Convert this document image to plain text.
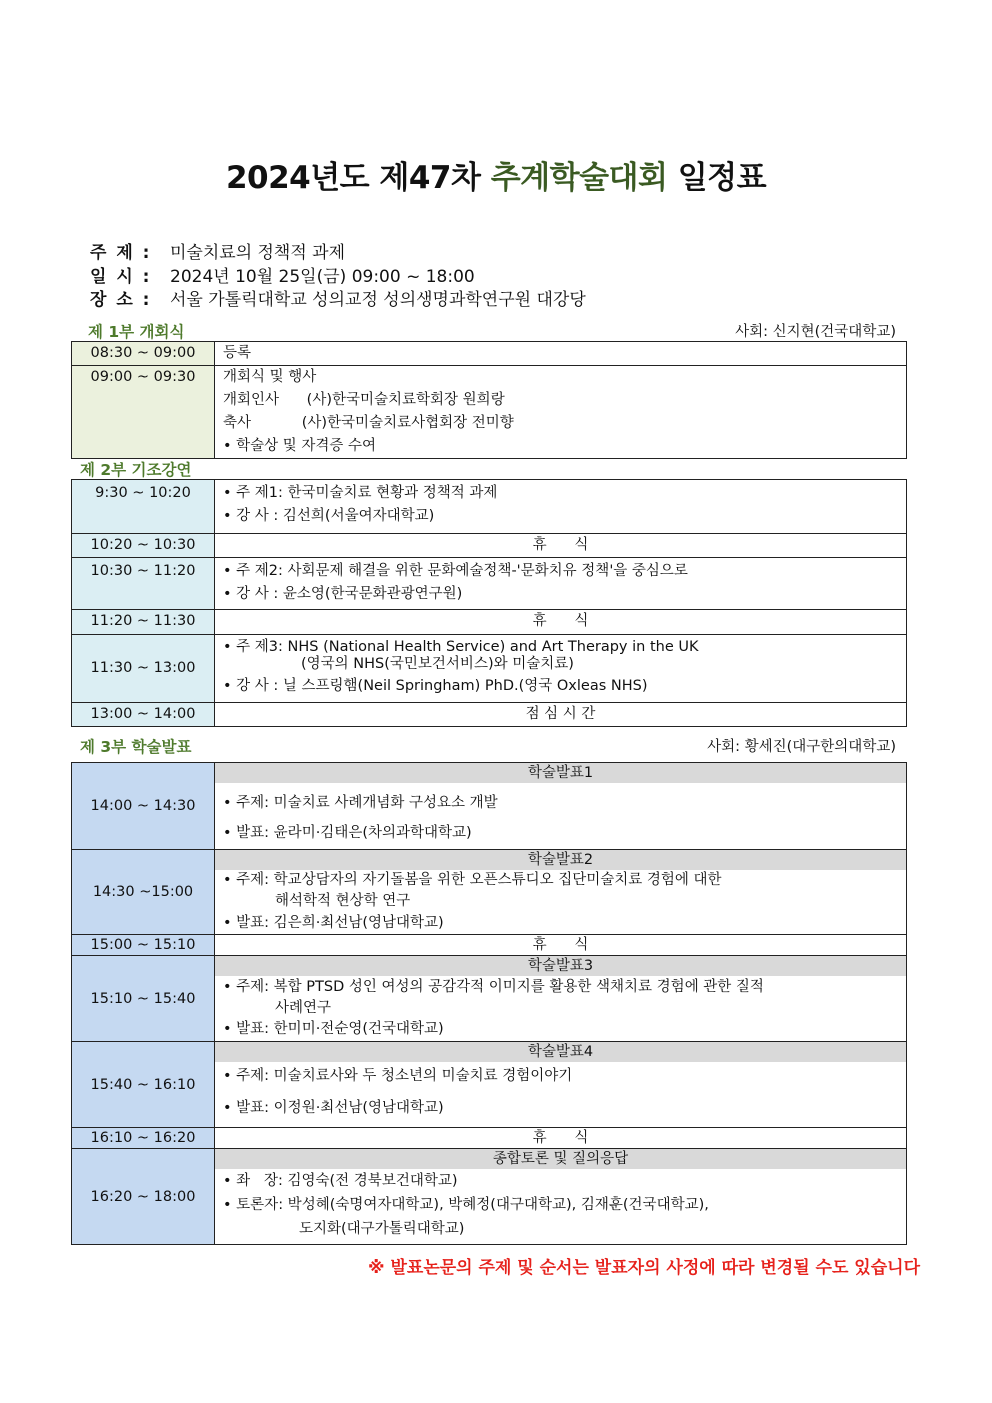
2024년도 제47차 추계학술대회 일정표
주 제 : 미술치료의 정책적 과제
일 시 : 2024년 10월 25일(금) 09:00 ~ 18:00
장 소 : 서울 가톨릭대학교 성의교정 성의생명과학연구원 대강당
제 1부 개회식	사회: 신지현(건국대학교)
08:30 ~ 09:00	등록

09:00 ~ 09:30	개회식 및 행사
개회인사      (사)한국미술치료학회장 원희랑
축사           (사)한국미술치료사협회장 전미향
• 학술상 및 자격증 수여
제 2부 기조강연
9:30 ~ 10:20	• 주 제1: 한국미술치료 현황과 정책적 과제
• 강 사 : 김선희(서울여자대학교)

10:20 ~ 10:30	휴      식

10:30 ~ 11:20	• 주 제2: 사회문제 해결을 위한 문화예술정책-'문화치유 정책'을 중심으로
• 강 사 : 윤소영(한국문화관광연구원)

11:20 ~ 11:30	휴      식

11:30 ~ 13:00	• 주 제3: NHS (National Health Service) and Art Therapy in the UK
(영국의 NHS(국민보건서비스)와 미술치료)
• 강 사 : 닐 스프링햄(Neil Springham) PhD.(영국 Oxleas NHS)

13:00 ~ 14:00	점 심 시 간
제 3부 학술발표	사회: 황세진(대구한의대학교)
14:00 ~ 14:30	학술발표1
• 주제: 미술치료 사례개념화 구성요소 개발
• 발표: 윤라미·김태은(차의과학대학교)

14:30 ~15:00	학술발표2
• 주제: 학교상담자의 자기돌봄을 위한 오픈스튜디오 집단미술치료 경험에 대한
해석학적 현상학 연구
• 발표: 김은희·최선남(영남대학교)

15:00 ~ 15:10	휴      식

15:10 ~ 15:40	학술발표3
• 주제: 복합 PTSD 성인 여성의 공감각적 이미지를 활용한 색채치료 경험에 관한 질적
사례연구
• 발표: 한미미·전순영(건국대학교)

15:40 ~ 16:10	학술발표4
• 주제: 미술치료사와 두 청소년의 미술치료 경험이야기
• 발표: 이정원·최선남(영남대학교)

16:10 ~ 16:20	휴      식

16:20 ~ 18:00	종합토론 및 질의응답
• 좌   장: 김영숙(전 경북보건대학교)
• 토론자: 박성혜(숙명여자대학교), 박혜정(대구대학교), 김재훈(건국대학교),
도지화(대구가톨릭대학교)
※ 발표논문의 주제 및 순서는 발표자의 사정에 따라 변경될 수도 있습니다
